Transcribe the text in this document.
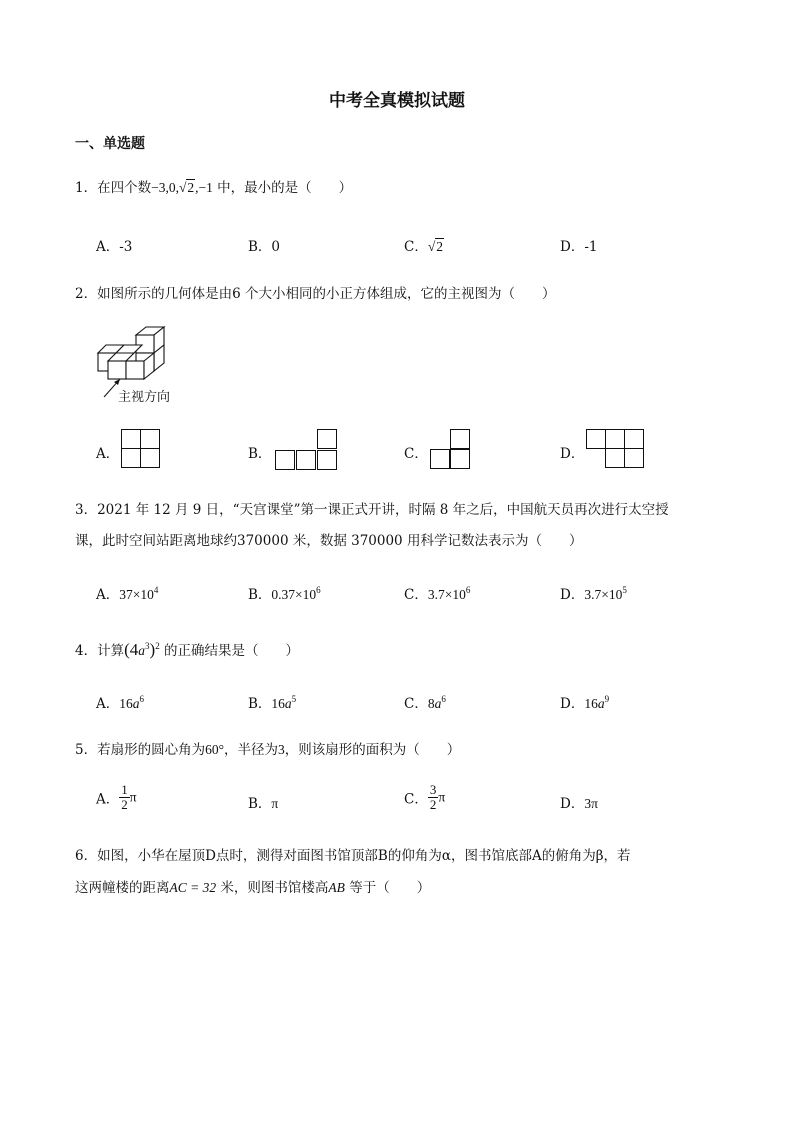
中考全真模拟试题
一、单选题
1．在四个数−3,0,√2,−1 中，最小的是（　　）
A．-3	B．0	C．√2	D．-1
2．如图所示的几何体是由6 个大小相同的小正方体组成，它的主视图为（　　）
主视方向
A．	B．	C．	D．
3．2021 年 12 月 9 日，“天宫课堂”第一课正式开讲，时隔 8 年之后，中国航天员再次进行太空授
课，此时空间站距离地球约370000 米，数据 370000 用科学记数法表示为（　　）
A．$37\times 10^4$	B．$0.37\times 10^6$	C．$3.7\times 10^6$	D．$3.7\times 10^5$
4．计算$(4a^3)^2$ 的正确结果是（　　）
A．$16a^6$	B．$16a^5$	C．$8a^6$	D．$16a^9$
5．若扇形的圆心角为60°，半径为3，则该扇形的面积为（　　）
A． $\frac{1}{2}$ π	B．π	C． $\frac{3}{2}$ π	D．3π
6．如图，小华在屋顶D点时，测得对面图书馆顶部B的仰角为α，图书馆底部A的俯角为β，若
这两幢楼的距离AC = 32 米，则图书馆楼高AB 等于（　　）
